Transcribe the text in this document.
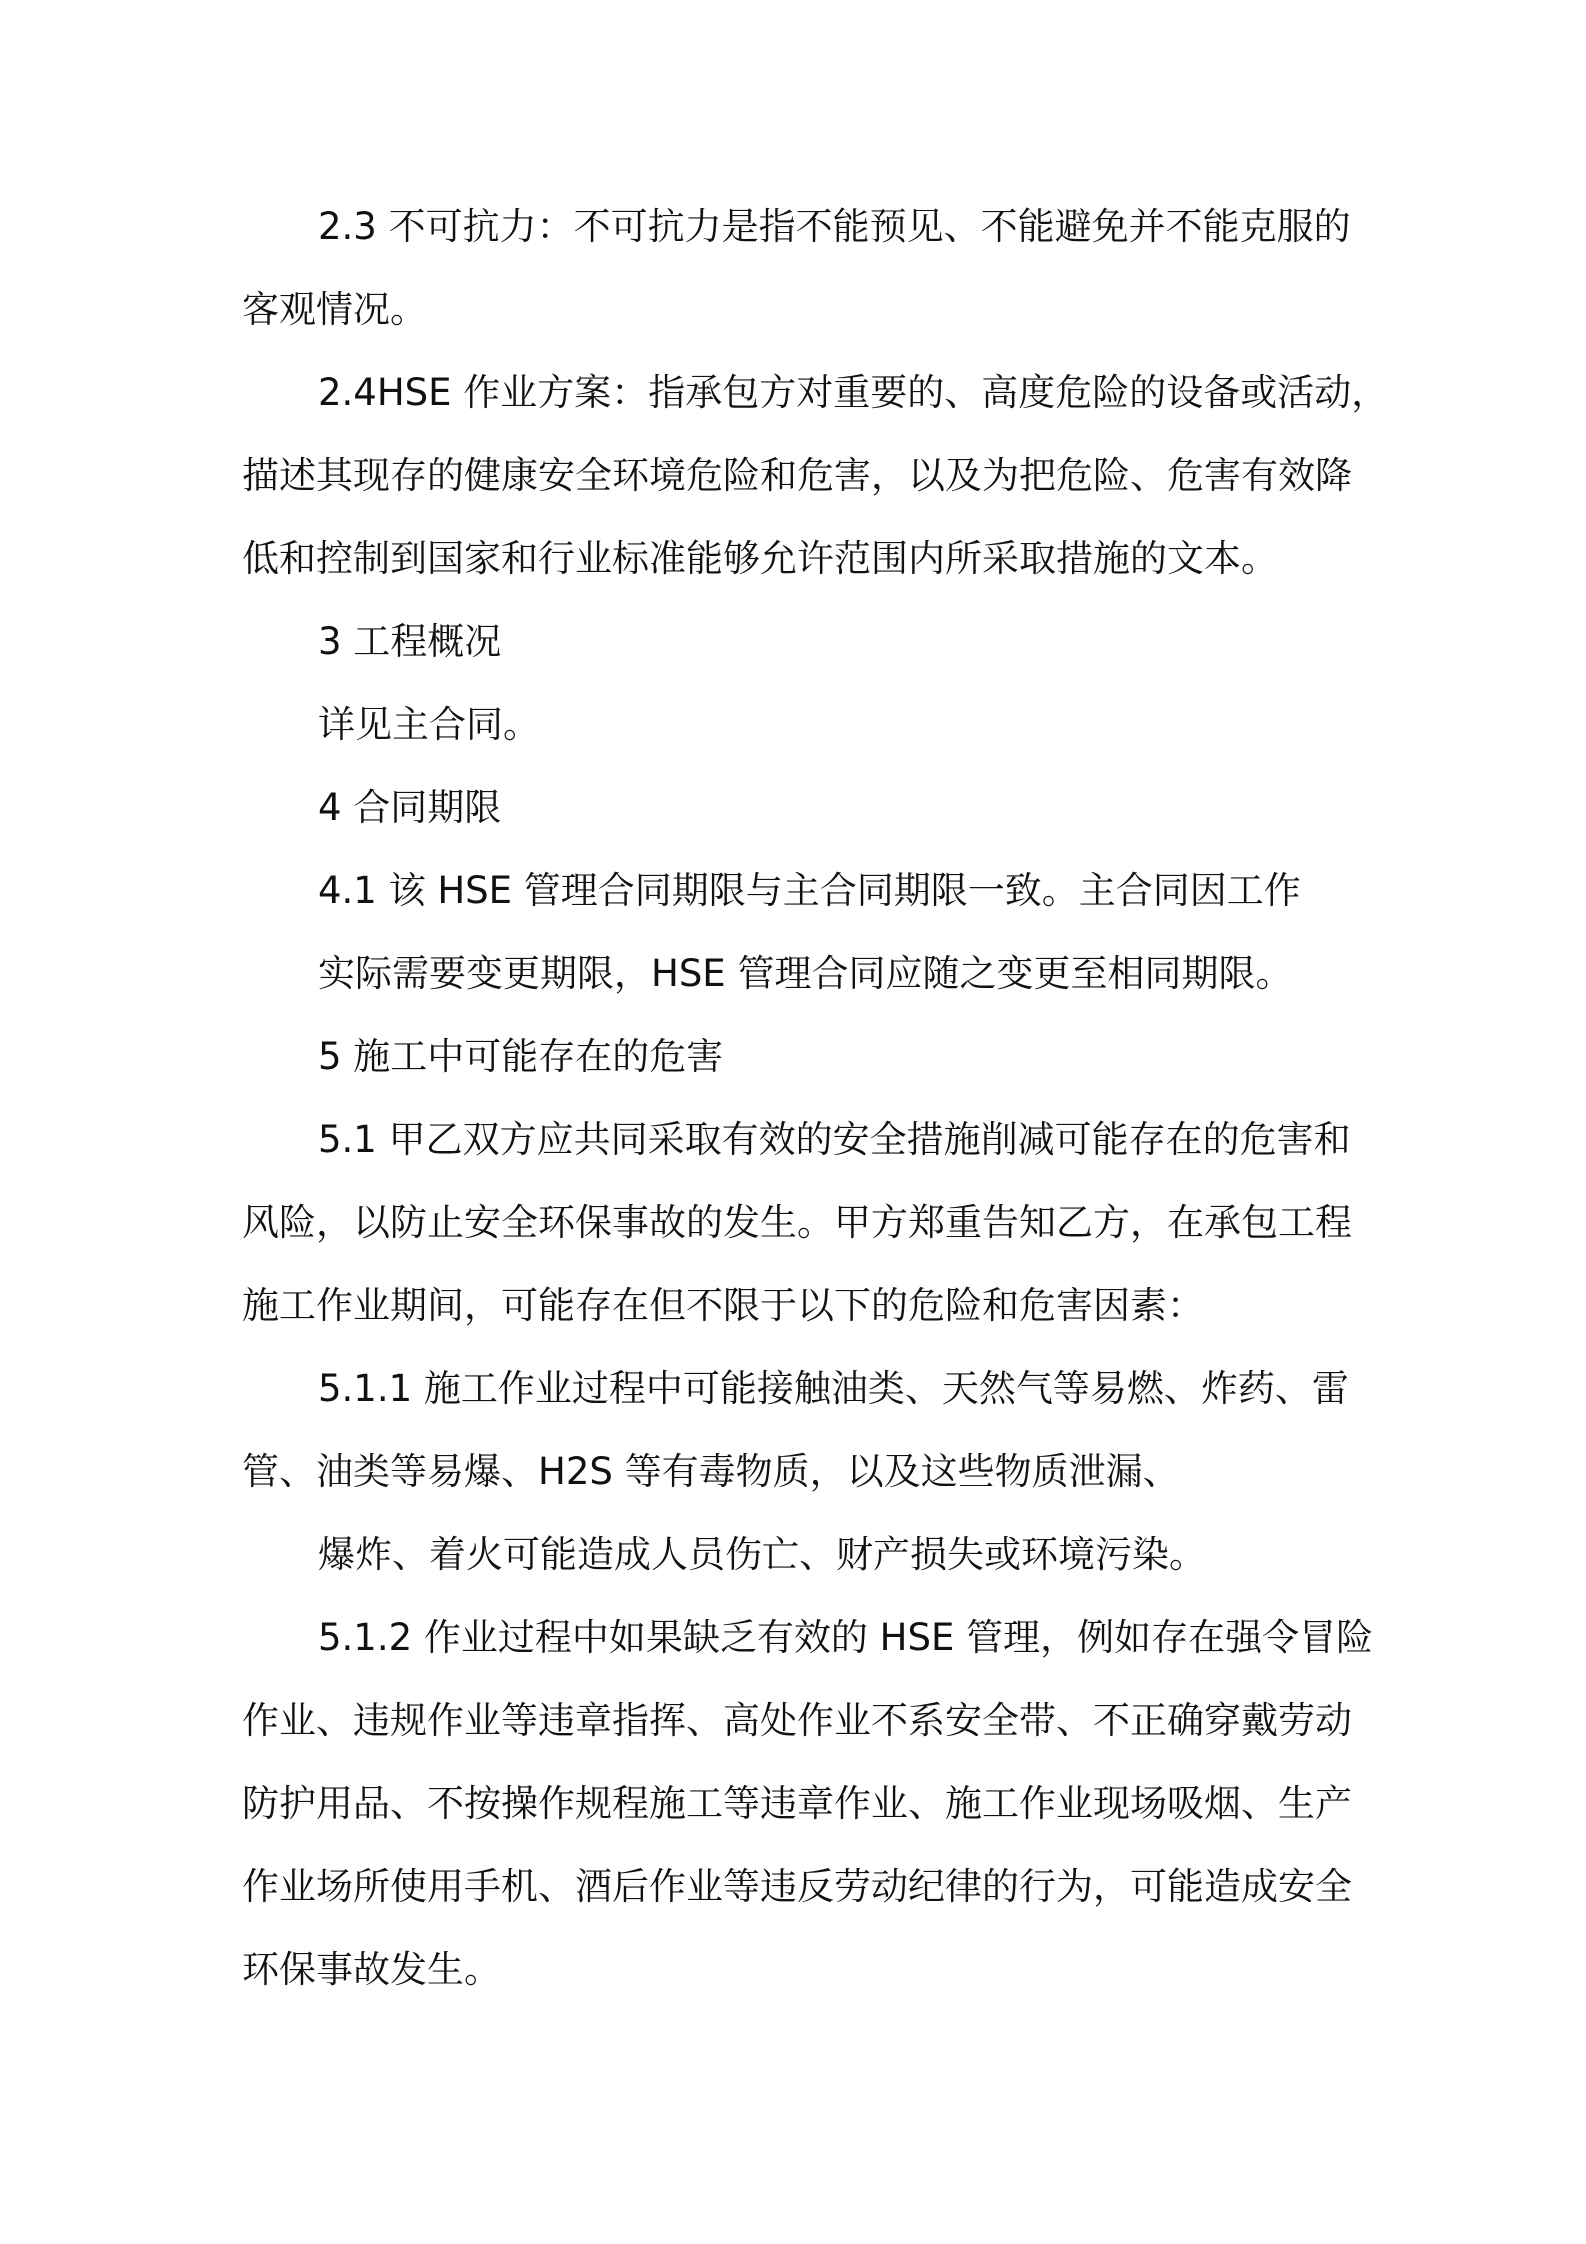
2.3 不可抗力：不可抗力是指不能预见、不能避免并不能克服的
客观情况。
2.4HSE 作业方案：指承包方对重要的、高度危险的设备或活动，
描述其现存的健康安全环境危险和危害，以及为把危险、危害有效降
低和控制到国家和行业标准能够允许范围内所采取措施的文本。
3 工程概况
详见主合同。
4 合同期限
4.1 该 HSE 管理合同期限与主合同期限一致。主合同因工作
实际需要变更期限，HSE 管理合同应随之变更至相同期限。
5 施工中可能存在的危害
5.1 甲乙双方应共同采取有效的安全措施削减可能存在的危害和
风险，以防止安全环保事故的发生。甲方郑重告知乙方，在承包工程
施工作业期间，可能存在但不限于以下的危险和危害因素：
5.1.1 施工作业过程中可能接触油类、天然气等易燃、炸药、雷
管、油类等易爆、H2S 等有毒物质，以及这些物质泄漏、
爆炸、着火可能造成人员伤亡、财产损失或环境污染。
5.1.2 作业过程中如果缺乏有效的 HSE 管理，例如存在强令冒险
作业、违规作业等违章指挥、高处作业不系安全带、不正确穿戴劳动
防护用品、不按操作规程施工等违章作业、施工作业现场吸烟、生产
作业场所使用手机、酒后作业等违反劳动纪律的行为，可能造成安全
环保事故发生。
